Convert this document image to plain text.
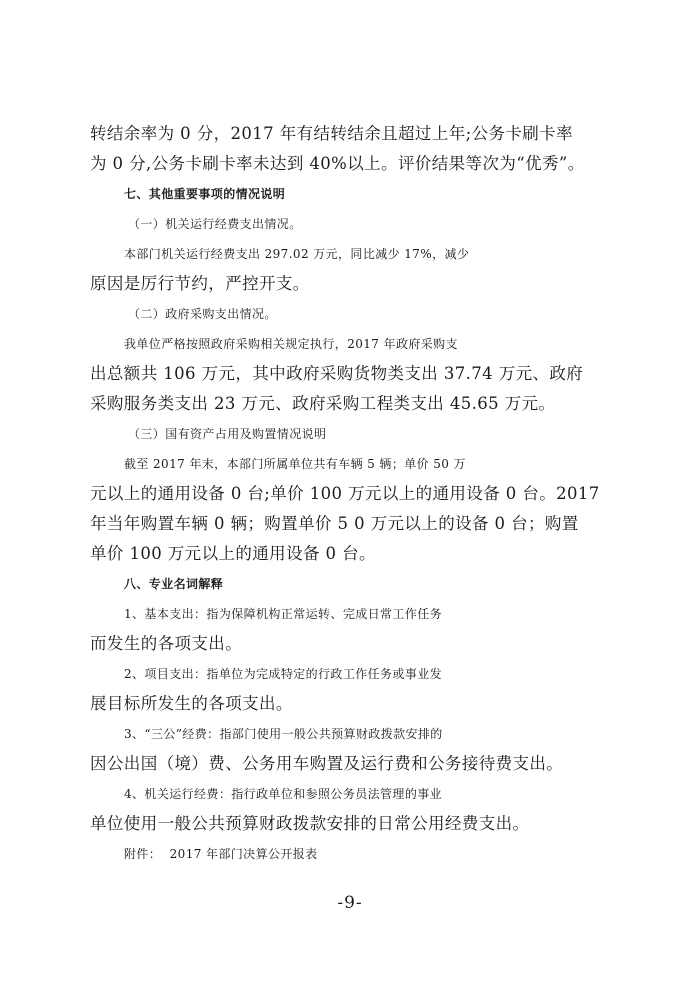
转结余率为 0 分，2017 年有结转结余且超过上年;公务卡刷卡率
为 0 分,公务卡刷卡率未达到 40%以上。评价结果等次为“优秀”。
七、其他重要事项的情况说明
（一）机关运行经费支出情况。
本部门机关运行经费支出 297.02 万元，同比减少 17%，减少
原因是厉行节约，严控开支。
（二）政府采购支出情况。
我单位严格按照政府采购相关规定执行，2017 年政府采购支
出总额共 106 万元，其中政府采购货物类支出 37.74 万元、政府
采购服务类支出 23 万元、政府采购工程类支出 45.65 万元。
（三）国有资产占用及购置情况说明
截至 2017 年末，本部门所属单位共有车辆 5 辆；单价 50 万
元以上的通用设备 0 台;单价 100 万元以上的通用设备 0 台。2017
年当年购置车辆 0 辆；购置单价 5 0 万元以上的设备 0 台；购置
单价 100 万元以上的通用设备 0 台。
八、专业名词解释
1、基本支出：指为保障机构正常运转、完成日常工作任务
而发生的各项支出。
2、项目支出：指单位为完成特定的行政工作任务或事业发
展目标所发生的各项支出。
3、“三公”经费：指部门使用一般公共预算财政拨款安排的
因公出国（境）费、公务用车购置及运行费和公务接待费支出。
4、机关运行经费：指行政单位和参照公务员法管理的事业
单位使用一般公共预算财政拨款安排的日常公用经费支出。
附件：  2017 年部门决算公开报表
-9-
